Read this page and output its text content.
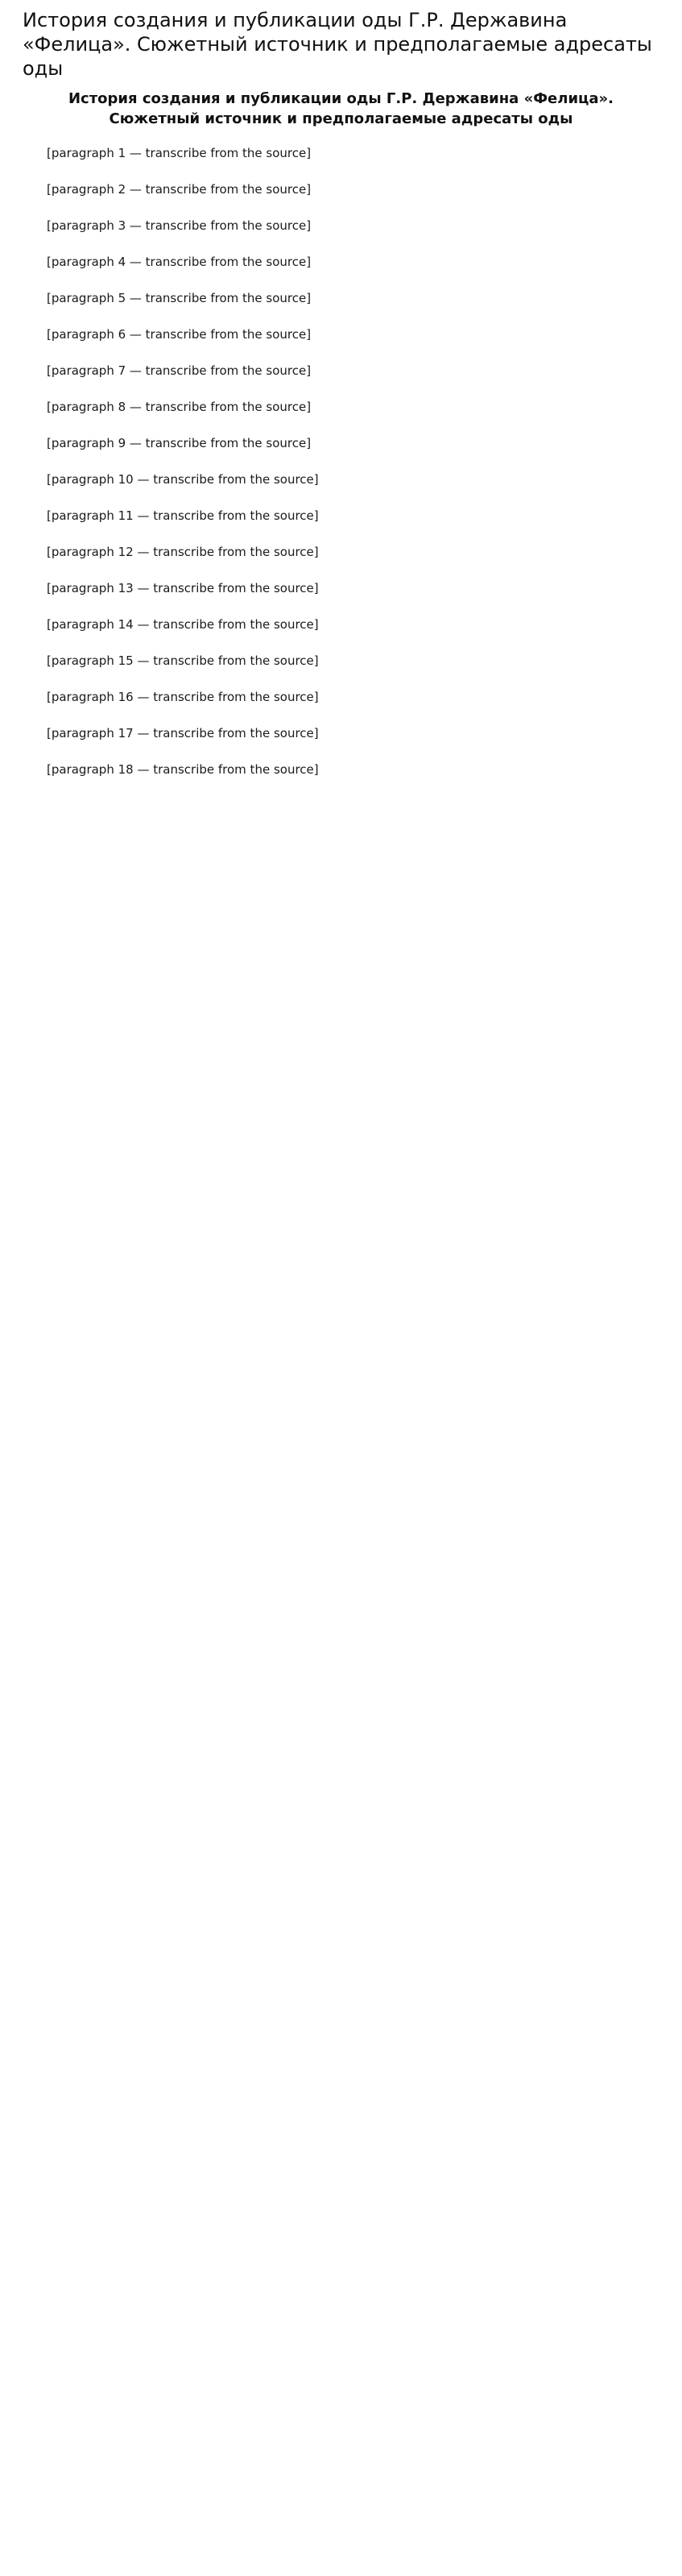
История создания и публикации оды Г.Р. Державина «Фелица». Сюжетный источник и предполагаемые адресаты оды
История создания и публикации оды Г.Р. Державина «Фелица». Сюжетный источник и предполагаемые адресаты оды

[paragraph 1 — transcribe from the source]

[paragraph 2 — transcribe from the source]

[paragraph 3 — transcribe from the source]

[paragraph 4 — transcribe from the source]

[paragraph 5 — transcribe from the source]

[paragraph 6 — transcribe from the source]

[paragraph 7 — transcribe from the source]

[paragraph 8 — transcribe from the source]

[paragraph 9 — transcribe from the source]

[paragraph 10 — transcribe from the source]

[paragraph 11 — transcribe from the source]

[paragraph 12 — transcribe from the source]

[paragraph 13 — transcribe from the source]

[paragraph 14 — transcribe from the source]

[paragraph 15 — transcribe from the source]

[paragraph 16 — transcribe from the source]

[paragraph 17 — transcribe from the source]

[paragraph 18 — transcribe from the source]
